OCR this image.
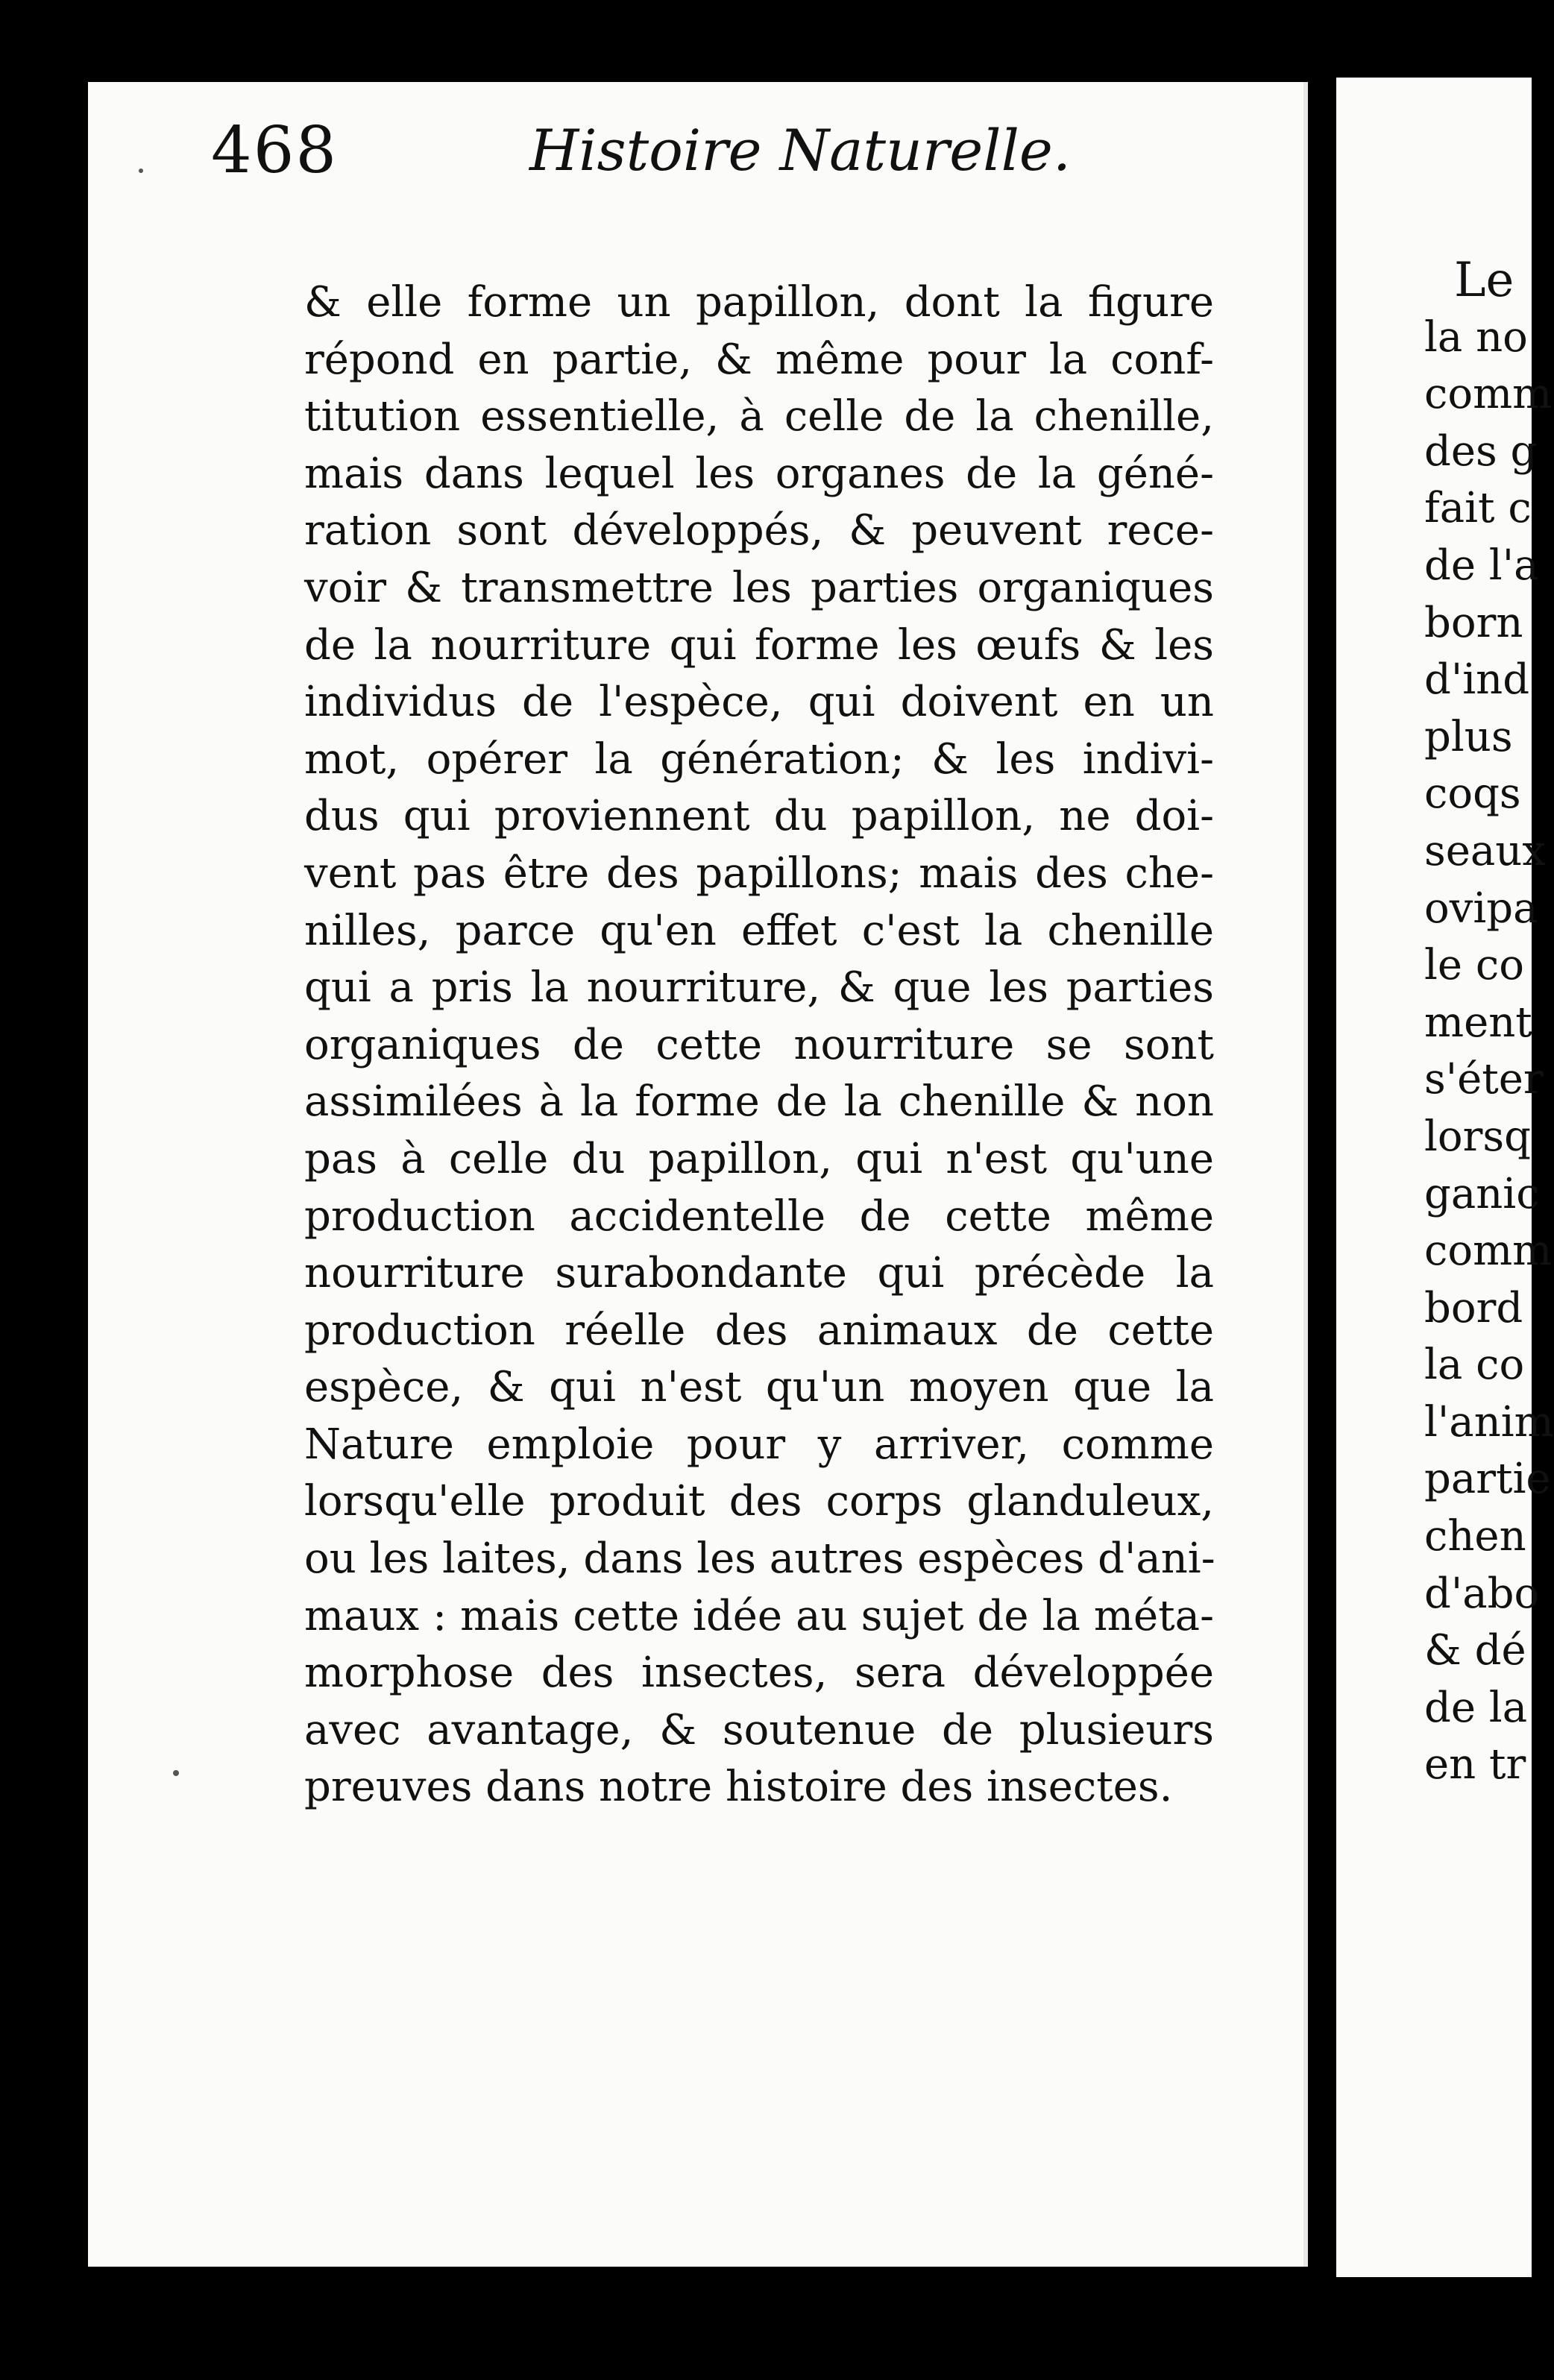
468	Histoire Naturelle.
& elle forme un papillon, dont la figure
répond en partie, & même pour la conf-
titution essentielle, à celle de la chenille,
mais dans lequel les organes de la géné-
ration sont développés, & peuvent rece-
voir & transmettre les parties organiques
de la nourriture qui forme les œufs & les
individus de l'espèce, qui doivent en un
mot, opérer la génération; & les indivi-
dus qui proviennent du papillon, ne doi-
vent pas être des papillons; mais des che-
nilles, parce qu'en effet c'est la chenille
qui a pris la nourriture, & que les parties
organiques de cette nourriture se sont
assimilées à la forme de la chenille & non
pas à celle du papillon, qui n'est qu'une
production accidentelle de cette même
nourriture surabondante qui précède la
production réelle des animaux de cette
espèce, & qui n'est qu'un moyen que la
Nature emploie pour y arriver, comme
lorsqu'elle produit des corps glanduleux,
ou les laites, dans les autres espèces d'ani-
maux : mais cette idée au sujet de la méta-
morphose des insectes, sera développée
avec avantage, & soutenue de plusieurs
preuves dans notre histoire des insectes.
Le
la no
comm
des g
fait c
de l'a
born
d'ind
plus
coqs
seaux
ovipa
le co
ment
s'éter
lorsq
ganic
comm
bord
la co
l'anim
partie
chen
d'abo
& dé
de la
en tr
